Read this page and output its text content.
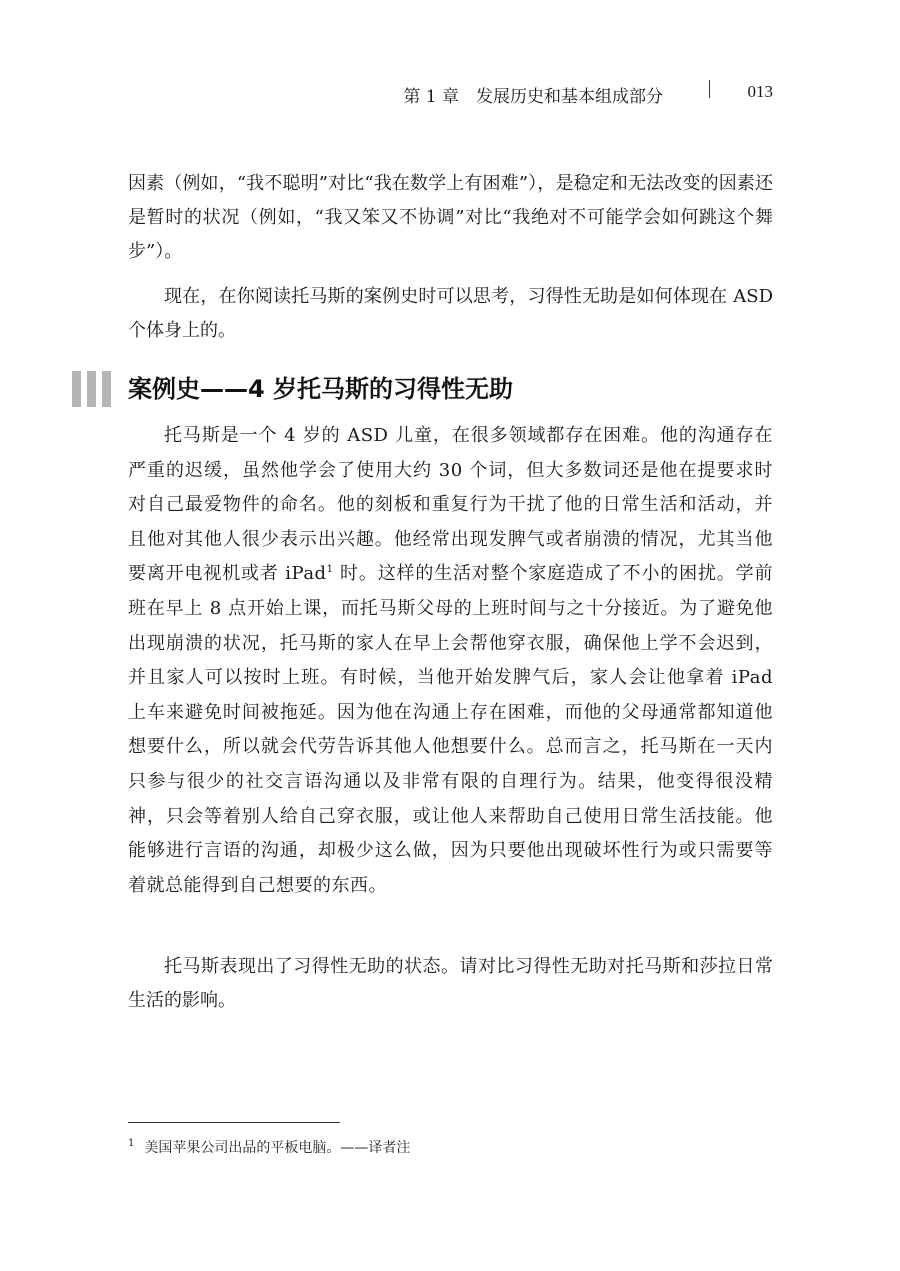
第 1 章　发展历史和基本组成部分	013

因素（例如，“我不聪明”对比“我在数学上有困难”），是稳定和无法改变的因素还是暂时的状况（例如，“我又笨又不协调”对比“我绝对不可能学会如何跳这个舞步”）。

现在，在你阅读托马斯的案例史时可以思考，习得性无助是如何体现在 ASD 个体身上的。

案例史——4 岁托马斯的习得性无助

托马斯是一个 4 岁的 ASD 儿童，在很多领域都存在困难。他的沟通存在严重的迟缓，虽然他学会了使用大约 30 个词，但大多数词还是他在提要求时对自己最爱物件的命名。他的刻板和重复行为干扰了他的日常生活和活动，并且他对其他人很少表示出兴趣。他经常出现发脾气或者崩溃的情况，尤其当他要离开电视机或者 iPad$^1$ 时。这样的生活对整个家庭造成了不小的困扰。学前班在早上 8 点开始上课，而托马斯父母的上班时间与之十分接近。为了避免他出现崩溃的状况，托马斯的家人在早上会帮他穿衣服，确保他上学不会迟到，并且家人可以按时上班。有时候，当他开始发脾气后，家人会让他拿着 iPad 上车来避免时间被拖延。因为他在沟通上存在困难，而他的父母通常都知道他想要什么，所以就会代劳告诉其他人他想要什么。总而言之，托马斯在一天内只参与很少的社交言语沟通以及非常有限的自理行为。结果，他变得很没精神，只会等着别人给自己穿衣服，或让他人来帮助自己使用日常生活技能。他能够进行言语的沟通，却极少这么做，因为只要他出现破坏性行为或只需要等着就总能得到自己想要的东西。

托马斯表现出了习得性无助的状态。请对比习得性无助对托马斯和莎拉日常生活的影响。

$^1$ 美国苹果公司出品的平板电脑。——译者注
